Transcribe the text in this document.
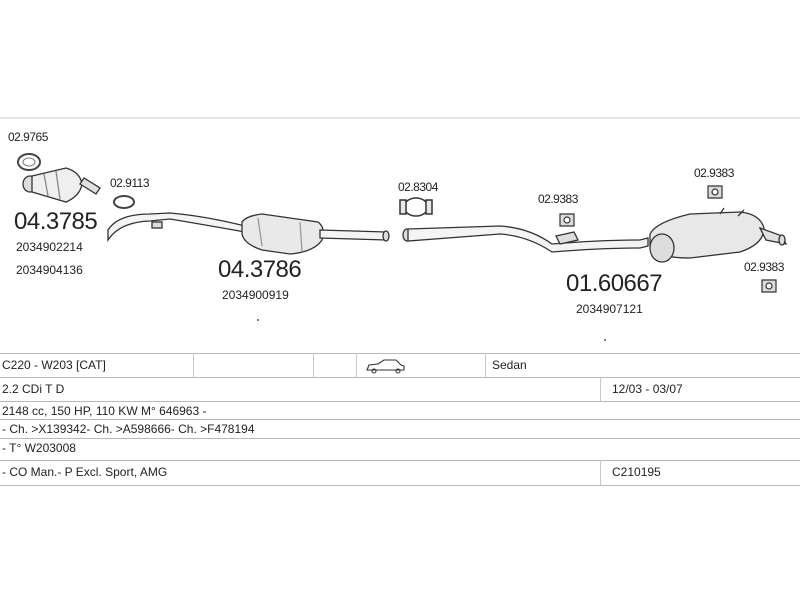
02.9765
04.3785
2034902214
2034904136
02.9113
04.3786
2034900919
02.8304
02.9383
01.60667
2034907121
02.9383
02.9383
C220 - W203 [CAT]	Sedan
2.2 CDi T D	12/03 - 03/07
2148 cc, 150 HP, 110 KW M° 646963 -
- Ch. >X139342- Ch. >A598666- Ch. >F478194
- T° W203008
- CO Man.- P Excl. Sport, AMG	C210195
